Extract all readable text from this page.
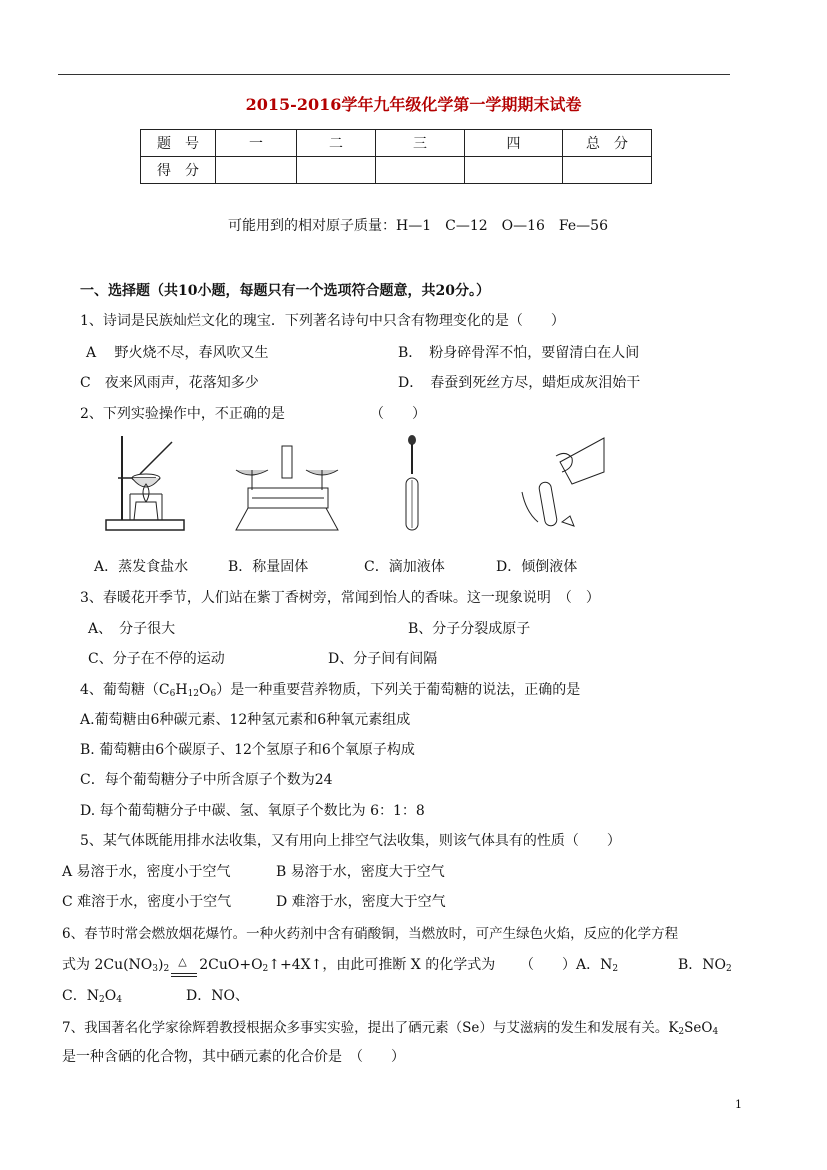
2015-2016学年九年级化学第一学期期末试卷
题　号	一	二	三	四	总　分
得　分					
可能用到的相对原子质量：H—1　C—12　O—16　Fe—56
一、选择题（共10小题，每题只有一个选项符合题意，共20分。）
1、诗词是民族灿烂文化的瑰宝．下列著名诗句中只含有物理变化的是（　　）
A　 野火烧不尽，春风吹又生	B．　粉身碎骨浑不怕，要留清白在人间
C　夜来风雨声，花落知多少	D．　春蚕到死丝方尽，蜡炬成灰泪始干
2、下列实验操作中，不正确的是	（　　）
A．蒸发食盐水	B．称量固体	C．滴加液体	D．倾倒液体
3、春暖花开季节，人们站在紫丁香树旁，常闻到怡人的香味。这一现象说明　（　）
A、　分子很大	B、分子分裂成原子
C、分子在不停的运动	D、分子间有间隔
4、葡萄糖$(C_6H_{12}O_6)$是一种重要营养物质，下列关于葡萄糖的说法，正确的是
A.葡萄糖由6种碳元素、12种氢元素和6种氧元素组成
B. 葡萄糖由6个碳原子、12个氢原子和6个氧原子构成
C．每个葡萄糖分子中所含原子个数为24
D. 每个葡萄糖分子中碳、氢、氧原子个数比为 6：1：8
5、某气体既能用排水法收集，又有用向上排空气法收集，则该气体具有的性质（　　）
A 易溶于水，密度小于空气	B 易溶于水，密度大于空气
C 难溶于水，密度小于空气	D 难溶于水，密度大于空气
6、春节时常会燃放烟花爆竹。一种火药剂中含有硝酸铜，当燃放时，可产生绿色火焰，反应的化学方程
式为 $2Cu(NO_3)_2$
△ $2CuO+O_2↑+4X↑$，由此可推断 X 的化学式为 （　　）A．$N_2$	B．$NO_2$
C．$N_2O_4$	D．NO、
7、我国著名化学家徐辉碧教授根据众多事实实验，提出了硒元素（Se）与艾滋病的发生和发展有关。$K_2SeO_4$
是一种含硒的化合物，其中硒元素的化合价是　（　　）
1
